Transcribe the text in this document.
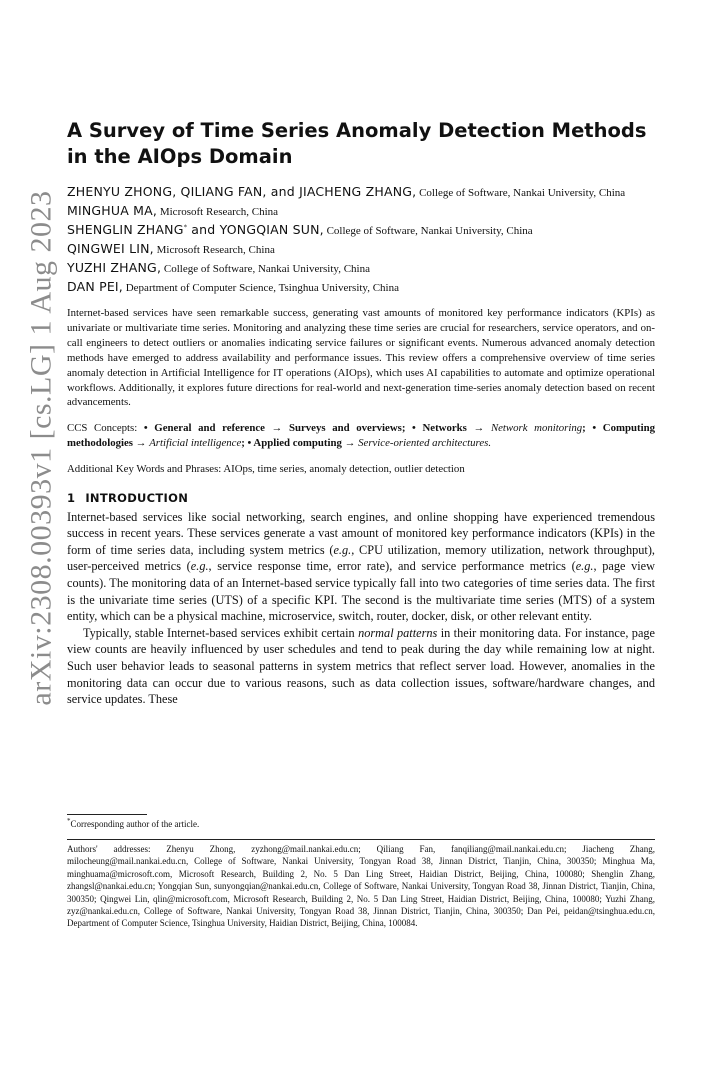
arXiv:2308.00393v1 [cs.LG] 1 Aug 2023
A Survey of Time Series Anomaly Detection Methods in the AIOps Domain

ZHENYU ZHONG, QILIANG FAN, and JIACHENG ZHANG, College of Software, Nankai University, China

MINGHUA MA, Microsoft Research, China

SHENGLIN ZHANG* and YONGQIAN SUN, College of Software, Nankai University, China

QINGWEI LIN, Microsoft Research, China

YUZHI ZHANG, College of Software, Nankai University, China

DAN PEI, Department of Computer Science, Tsinghua University, China

Internet-based services have seen remarkable success, generating vast amounts of monitored key performance indicators (KPIs) as univariate or multivariate time series. Monitoring and analyzing these time series are crucial for researchers, service operators, and on-call engineers to detect outliers or anomalies indicating service failures or significant events. Numerous advanced anomaly detection methods have emerged to address availability and performance issues. This review offers a comprehensive overview of time series anomaly detection in Artificial Intelligence for IT operations (AIOps), which uses AI capabilities to automate and optimize operational workflows. Additionally, it explores future directions for real-world and next-generation time-series anomaly detection based on recent advancements.

CCS Concepts: • General and reference → Surveys and overviews; • Networks → Network monitoring; • Computing methodologies → Artificial intelligence; • Applied computing → Service-oriented architectures.

Additional Key Words and Phrases: AIOps, time series, anomaly detection, outlier detection

1 INTRODUCTION

Internet-based services like social networking, search engines, and online shopping have experienced tremendous success in recent years. These services generate a vast amount of monitored key performance indicators (KPIs) in the form of time series data, including system metrics (e.g., CPU utilization, memory utilization, network throughput), user-perceived metrics (e.g., service response time, error rate), and service performance metrics (e.g., page view counts). The monitoring data of an Internet-based service typically fall into two categories of time series data. The first is the univariate time series (UTS) of a specific KPI. The second is the multivariate time series (MTS) of a system entity, which can be a physical machine, microservice, switch, router, docker, disk, or other relevant entity.

Typically, stable Internet-based services exhibit certain normal patterns in their monitoring data. For instance, page view counts are heavily influenced by user schedules and tend to peak during the day while remaining low at night. Such user behavior leads to seasonal patterns in system metrics that reflect server load. However, anomalies in the monitoring data can occur due to various reasons, such as data collection issues, software/hardware changes, and service updates. These

*Corresponding author of the article.
Authors' addresses: Zhenyu Zhong, zyzhong@mail.nankai.edu.cn; Qiliang Fan, fanqiliang@mail.nankai.edu.cn; Jiacheng Zhang, milocheung@mail.nankai.edu.cn, College of Software, Nankai University, Tongyan Road 38, Jinnan District, Tianjin, China, 300350; Minghua Ma, minghuama@microsoft.com, Microsoft Research, Building 2, No. 5 Dan Ling Street, Haidian District, Beijing, China, 100080; Shenglin Zhang, zhangsl@nankai.edu.cn; Yongqian Sun, sunyongqian@nankai.edu.cn, College of Software, Nankai University, Tongyan Road 38, Jinnan District, Tianjin, China, 300350; Qingwei Lin, qlin@microsoft.com, Microsoft Research, Building 2, No. 5 Dan Ling Street, Haidian District, Beijing, China, 100080; Yuzhi Zhang, zyz@nankai.edu.cn, College of Software, Nankai University, Tongyan Road 38, Jinnan District, Tianjin, China, 300350; Dan Pei, peidan@tsinghua.edu.cn, Department of Computer Science, Tsinghua University, Haidian District, Beijing, China, 100084.
